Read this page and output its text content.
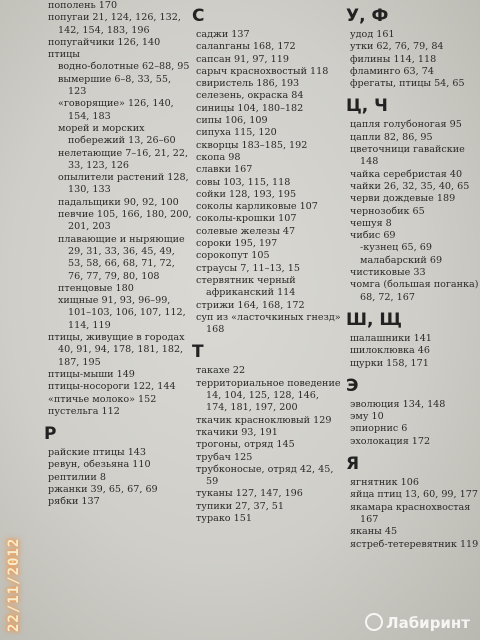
пополень 170
попугаи 21, 124, 126, 132, 142, 154, 183, 196
попугайчики 126, 140
птицы
водно-болотные 62–88, 95
вымершие 6–8, 33, 55, 123
«говорящие» 126, 140, 154, 183
морей и морских побережий 13, 26–60
нелетающие 7–16, 21, 22, 33, 123, 126
опылители растений 128, 130, 133
падальщики 90, 92, 100
певчие 105, 166, 180, 200, 201, 203
плавающие и ныряющие 29, 31, 33, 36, 45, 49, 53, 58, 66, 68, 71, 72, 76, 77, 79, 80, 108
птенцовые 180
хищные 91, 93, 96–99, 101–103, 106, 107, 112, 114, 119
птицы, живущие в городах 40, 91, 94, 178, 181, 182, 187, 195
птицы-мыши 149
птицы-носороги 122, 144
«птичье молоко» 152
пустельга 112
Р
райские птицы 143
ревун, обезьяна 110
рептилии 8
ржанки 39, 65, 67, 69
рябки 137
С
саджи 137
салanганы 168, 172
сапсан 91, 97, 119
сарыч краснохвостый 118
свиристель 186, 193
селезень, окраска 84
синицы 104, 180–182
сипы 106, 109
сипуха 115, 120
скворцы 183–185, 192
скопа 98
славки 167
совы 103, 115, 118
сойки 128, 193, 195
соколы карликовые 107
соколы-крошки 107
солевые железы 47
сороки 195, 197
сорокопут 105
страусы 7, 11–13, 15
стервятник черный африканский 114
стрижи 164, 168, 172
суп из «ласточкиных гнезд» 168
Т
такахе 22
территориальное поведение 14, 104, 125, 128, 146, 174, 181, 197, 200
ткачик красноклювый 129
ткачики 93, 191
трогоны, отряд 145
трубач 125
трубконосые, отряд 42, 45, 59
туканы 127, 147, 196
тупики 27, 37, 51
турако 151
У, Ф
удод 161
утки 62, 76, 79, 84
филины 114, 118
фламинго 63, 74
фрегаты, птицы 54, 65
Ц, Ч
цапля голубоногая 95
цапли 82, 86, 95
цветочници гавайские 148
чайка серебристая 40
чайки 26, 32, 35, 40, 65
черви дождевые 189
чернозобик 65
чешуя 8
чибис 69
-кузнец 65, 69
малабарский 69
чистиковые 33
чомга (большая поганка) 68, 72, 167
Ш, Щ
шалашники 141
шилоклювка 46
щурки 158, 171
Э
эволюция 134, 148
эму 10
эпиорнис 6
эхолокация 172
Я
ягнятник 106
яйца птиц 13, 60, 99, 177
якамара краснохвостая 167
яканы 45
ястреб-тетеревятник 119
22/11/2012	Лабиринт
